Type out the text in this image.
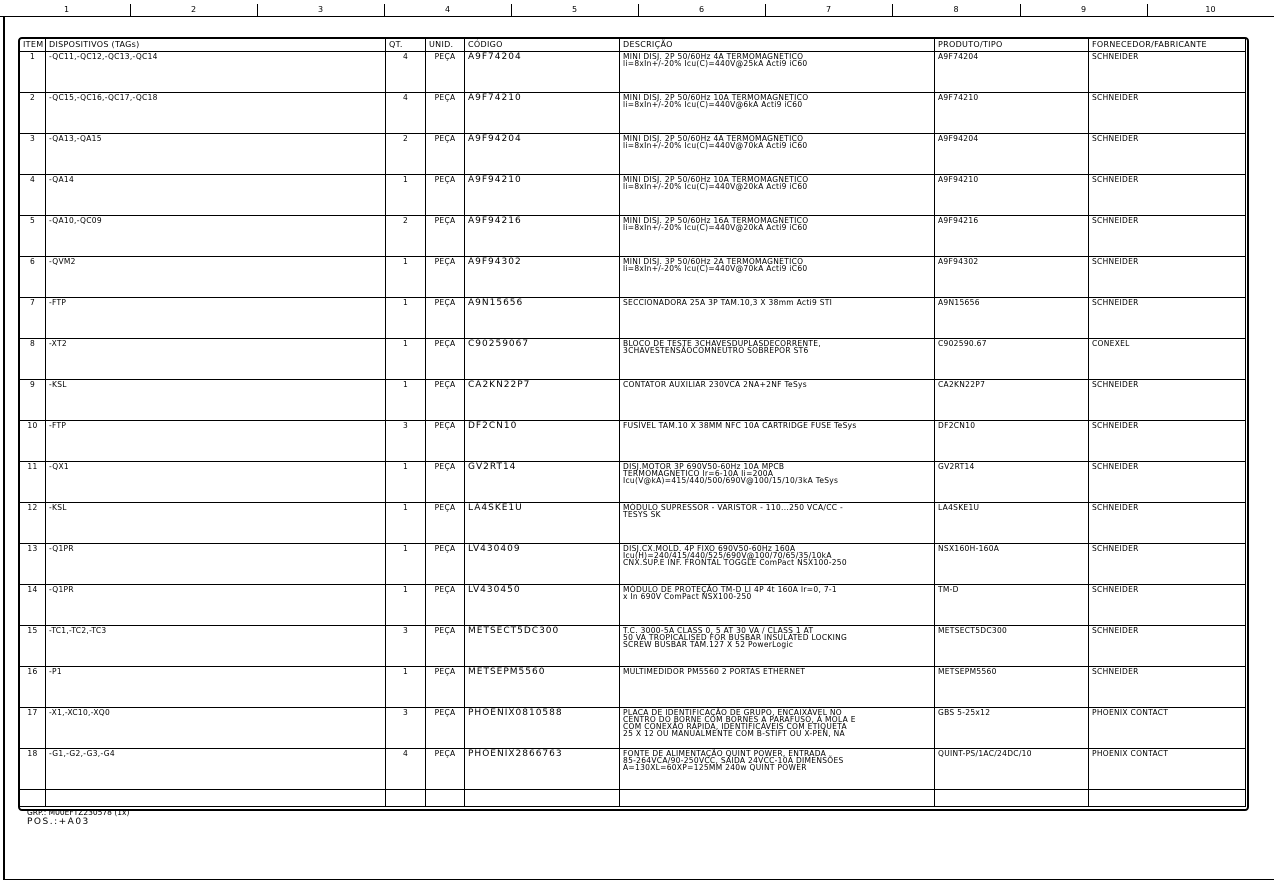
1	2	3	4	5	6	7	8	9	10
ITEM	DISPOSITIVOS (TAGs)	QT.	UNID.	CÓDIGO	DESCRIÇÃO	PRODUTO/TIPO	FORNECEDOR/FABRICANTE
1	-QC11,-QC12,-QC13,-QC14	4	PEÇA	A9F74204	MINI DISJ. 2P 50/60Hz 4A TERMOMAGNETICO
li=8xIn+/-20% Icu(C)=440V@25kA Acti9 iC60	A9F74204	SCHNEIDER
2	-QC15,-QC16,-QC17,-QC18	4	PEÇA	A9F74210	MINI DISJ. 2P 50/60Hz 10A TERMOMAGNETICO
li=8xIn+/-20% Icu(C)=440V@6kA Acti9 iC60	A9F74210	SCHNEIDER
3	-QA13,-QA15	2	PEÇA	A9F94204	MINI DISJ. 2P 50/60Hz 4A TERMOMAGNETICO
li=8xIn+/-20% Icu(C)=440V@70kA Acti9 iC60	A9F94204	SCHNEIDER
4	-QA14	1	PEÇA	A9F94210	MINI DISJ. 2P 50/60Hz 10A TERMOMAGNETICO
li=8xIn+/-20% Icu(C)=440V@20kA Acti9 iC60	A9F94210	SCHNEIDER
5	-QA10,-QC09	2	PEÇA	A9F94216	MINI DISJ. 2P 50/60Hz 16A TERMOMAGNETICO
li=8xIn+/-20% Icu(C)=440V@20kA Acti9 iC60	A9F94216	SCHNEIDER
6	-QVM2	1	PEÇA	A9F94302	MINI DISJ. 3P 50/60Hz 2A TERMOMAGNETICO
li=8xIn+/-20% Icu(C)=440V@70kA Acti9 iC60	A9F94302	SCHNEIDER
7	-FTP	1	PEÇA	A9N15656	SECCIONADORA 25A 3P TAM.10,3 X 38mm Acti9 STI	A9N15656	SCHNEIDER
8	-XT2	1	PEÇA	C90259067	BLOCO DE TESTE 3CHAVESDUPLASDECORRENTE,
3CHAVESTENSÃOCOMNEUTRO SOBREPOR ST6	C902590.67	CONEXEL
9	-KSL	1	PEÇA	CA2KN22P7	CONTATOR AUXILIAR 230VCA 2NA+2NF TeSys	CA2KN22P7	SCHNEIDER
10	-FTP	3	PEÇA	DF2CN10	FUSÍVEL TAM.10 X 38MM NFC 10A CARTRIDGE FUSE TeSys	DF2CN10	SCHNEIDER
11	-QX1	1	PEÇA	GV2RT14	DISJ.MOTOR 3P 690V50-60Hz 10A MPCB
TERMOMAGNETICO Ir=6-10A Ii=200A
Icu(V@kA)=415/440/500/690V@100/15/10/3kA TeSys	GV2RT14	SCHNEIDER
12	-KSL	1	PEÇA	LA4SKE1U	MÓDULO SUPRESSOR - VARISTOR - 110...250 VCA/CC -
TESYS SK	LA4SKE1U	SCHNEIDER
13	-Q1PR	1	PEÇA	LV430409	DISJ.CX.MOLD. 4P FIXO 690V50-60Hz 160A
Icu(H)=240/415/440/525/690V@100/70/65/35/10kA
CNX.SUP.E INF. FRONTAL TOGGLE ComPact NSX100-250	NSX160H-160A	SCHNEIDER
14	-Q1PR	1	PEÇA	LV430450	MÓDULO DE PROTEÇÃO TM-D LI 4P 4t 160A Ir=0, 7-1
x In 690V ComPact NSX100-250	TM-D	SCHNEIDER
15	-TC1,-TC2,-TC3	3	PEÇA	METSECT5DC300	T.C. 3000-5A CLASS 0, 5 AT 30 VA / CLASS 1 AT
50 VA TROPICALISED FOR BUSBAR INSULATED LOCKING
SCREW BUSBAR TAM.127 X 52 PowerLogic	METSECT5DC300	SCHNEIDER
16	-P1	1	PEÇA	METSEPM5560	MULTIMEDIDOR PM5560 2 PORTAS ETHERNET	METSEPM5560	SCHNEIDER
17	-X1,-XC10,-XQ0	3	PEÇA	PHOENIX0810588	PLACA DE IDENTIFICAÇÃO DE GRUPO, ENCAIXÁVEL NO
CENTRO DO BORNE COM BORNES A PARAFUSO, À MOLA E
COM CONEXÃO RÁPIDA, IDENTIFICÁVEIS COM ETIQUETA
25 X 12 OU MANUALMENTE COM B-STIFT OU X-PEN, NA	GBS 5-25x12	PHOENIX CONTACT
18	-G1,-G2,-G3,-G4	4	PEÇA	PHOENIX2866763	FONTE DE ALIMENTAÇÃO QUINT POWER, ENTRADA
85-264VCA/90-250VCC, SAIDA 24VCC-10A DIMENSÕES
A=130XL=60XP=125MM 240w QUINT POWER	QUINT-PS/1AC/24DC/10	PHOENIX CONTACT

GRP.: M00EFTZ230578 (1x)
POS.:+A03
